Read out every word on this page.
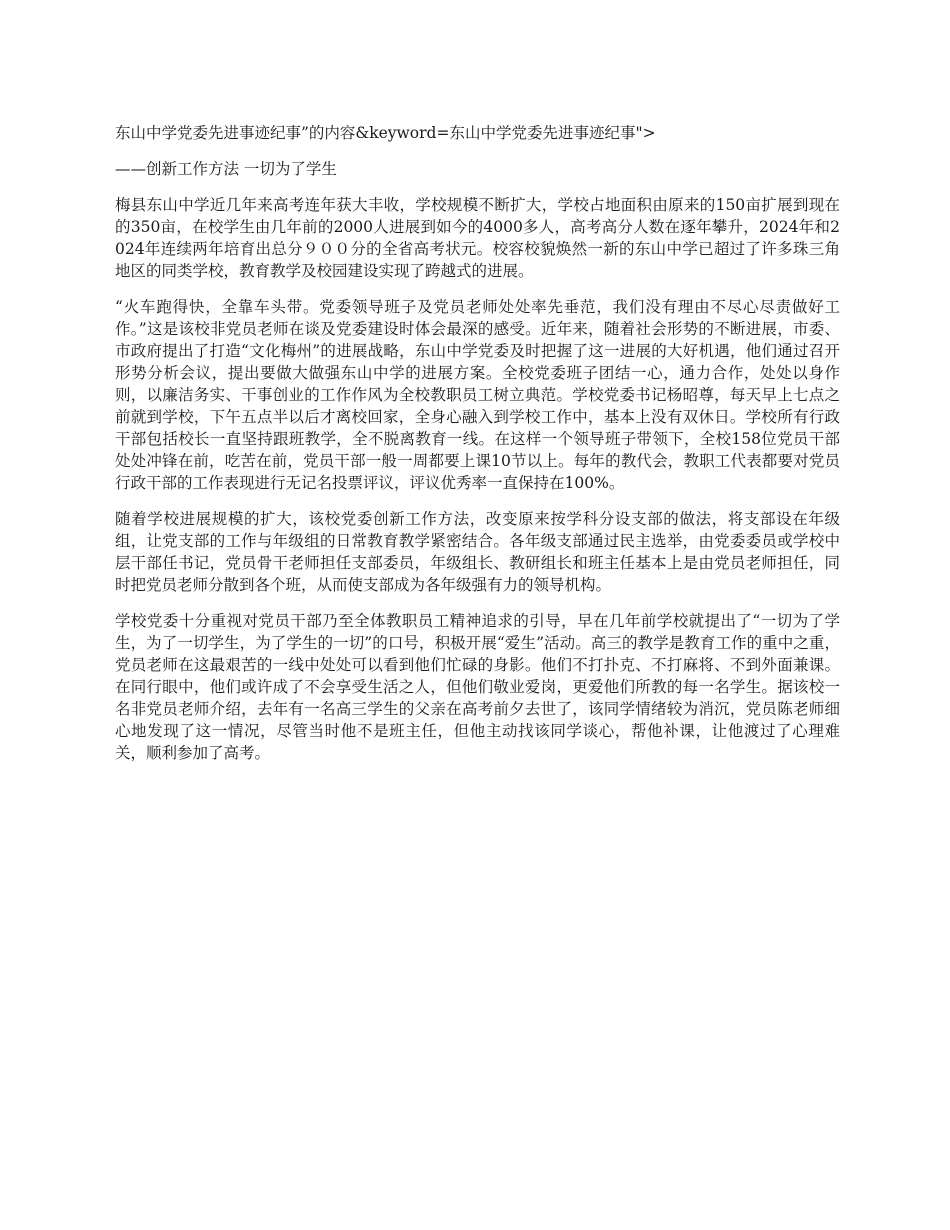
东山中学党委先进事迹纪事”的内容&keyword=东山中学党委先进事迹纪事">
——创新工作方法 一切为了学生

梅县东山中学近几年来高考连年获大丰收，学校规模不断扩大，学校占地面积由原来的150亩扩展到现在的350亩，在校学生由几年前的2000人进展到如今的4000多人，高考高分人数在逐年攀升，2024年和2024年连续两年培育出总分９００分的全省高考状元。校容校貌焕然一新的东山中学已超过了许多珠三角地区的同类学校，教育教学及校园建设实现了跨越式的进展。

“火车跑得快，全靠车头带。党委领导班子及党员老师处处率先垂范，我们没有理由不尽心尽责做好工作。”这是该校非党员老师在谈及党委建设时体会最深的感受。近年来，随着社会形势的不断进展，市委、市政府提出了打造“文化梅州”的进展战略，东山中学党委及时把握了这一进展的大好机遇，他们通过召开形势分析会议，提出要做大做强东山中学的进展方案。全校党委班子团结一心，通力合作，处处以身作则，以廉洁务实、干事创业的工作作风为全校教职员工树立典范。学校党委书记杨昭尊，每天早上七点之前就到学校，下午五点半以后才离校回家，全身心融入到学校工作中，基本上没有双休日。学校所有行政干部包括校长一直坚持跟班教学，全不脱离教育一线。在这样一个领导班子带领下，全校158位党员干部处处冲锋在前，吃苦在前，党员干部一般一周都要上课10节以上。每年的教代会，教职工代表都要对党员行政干部的工作表现进行无记名投票评议，评议优秀率一直保持在100%。

随着学校进展规模的扩大，该校党委创新工作方法，改变原来按学科分设支部的做法，将支部设在年级组，让党支部的工作与年级组的日常教育教学紧密结合。各年级支部通过民主选举，由党委委员或学校中层干部任书记，党员骨干老师担任支部委员，年级组长、教研组长和班主任基本上是由党员老师担任，同时把党员老师分散到各个班，从而使支部成为各年级强有力的领导机构。

学校党委十分重视对党员干部乃至全体教职员工精神追求的引导，早在几年前学校就提出了“一切为了学生，为了一切学生，为了学生的一切”的口号，积极开展“爱生”活动。高三的教学是教育工作的重中之重，党员老师在这最艰苦的一线中处处可以看到他们忙碌的身影。他们不打扑克、不打麻将、不到外面兼课。在同行眼中，他们或许成了不会享受生活之人，但他们敬业爱岗，更爱他们所教的每一名学生。据该校一名非党员老师介绍，去年有一名高三学生的父亲在高考前夕去世了，该同学情绪较为消沉，党员陈老师细心地发现了这一情况，尽管当时他不是班主任，但他主动找该同学谈心，帮他补课，让他渡过了心理难关，顺利参加了高考。
